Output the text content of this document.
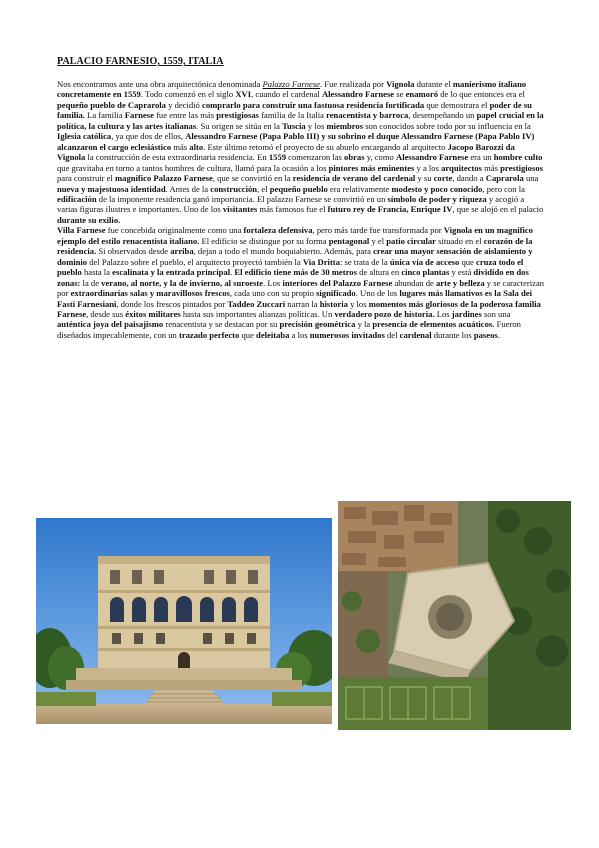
PALACIO FARNESIO, 1559, ITALIA

Nos encontramos ante una obra arquitectónica denominada Palazzo Farnese. Fue realizada por Vignola durante el manierismo italiano concretamente en 1559. Todo comenzó en el siglo XVI, cuando el cardenal Alessandro Farnese se enamoró de lo que entonces era el pequeño pueblo de Caprarola y decidió comprarlo para construir una fastuosa residencia fortificada que demostrara el poder de su familia. La familia Farnese fue entre las más prestigiosas familia de la Italia renacentista y barroca, desempeñando un papel crucial en la política, la cultura y las artes italianas. Su origen se sitúa en la Tuscia y los miembros son conocidos sobre todo por su influencia en la Iglesia católica, ya que dos de ellos, Alessandro Farnese (Papa Pablo III) y su sobrino el duque Alessandro Farnese (Papa Pablo IV) alcanzaron el cargo eclesiástico más alto. Este último retomó el proyecto de su abuelo encargando al arquitecto Jacopo Barozzi da Vignola la construcción de esta extraordinaria residencia. En 1559 comenzaron las obras y, como Alessandro Farnese era un hombre culto que gravitaba en torno a tantos hombres de cultura, llamó para la ocasión a los pintores más eminentes y a los arquitectos más prestigiosos para construir el magnífico Palazzo Farnese, que se convirtió en la residencia de verano del cardenal y su corte, dando a Caprarola una nueva y majestuosa identidad. Antes de la construcción, el pequeño pueblo era relativamente modesto y poco conocido, pero con la edificación de la imponente residencia ganó importancia. El palazzo Farnese se convirtió en un símbolo de poder y riqueza y acogió a varias figuras ilustres e importantes. Uno de los visitantes más famosos fue el futuro rey de Francia, Enrique IV, que se alojó en el palacio durante su exilio.

Villa Farnese fue concebida originalmente como una fortaleza defensiva, pero más tarde fue transformada por Vignola en un magnífico ejemplo del estilo renacentista italiano. El edificio se distingue por su forma pentagonal y el patio circular situado en el corazón de la residencia. Si observados desde arriba, dejan a todo el mundo boquiabierto. Además, para crear una mayor sensación de aislamiento y dominio del Palazzo sobre el pueblo, el arquitecto proyectó también la Via Dritta: se trata de la única vía de acceso que cruza todo el pueblo hasta la escalinata y la entrada principal. El edificio tiene más de 30 metros de altura en cinco plantas y está dividido en dos zonas: la de verano, al norte, y la de invierno, al suroeste. Los interiores del Palazzo Farnese abundan de arte y belleza y se caracterizan por extraordinarias salas y maravillosos frescos, cada uno con su propio significado. Uno de los lugares más llamativos es la Sala dei Fasti Farnesiani, donde los frescos pintados por Taddeo Zuccari narran la historia y los momentos más gloriosos de la poderosa familia Farnese, desde sus éxitos militares hasta sus importantes alianzas políticas. Un verdadero pozo de historia. Los jardines son una auténtica joya del paisajismo renacentista y se destacan por su precisión geométrica y la presencia de elementos acuáticos. Fueron diseñados impecablemente, con un trazado perfecto que deleitaba a los numerosos invitados del cardenal durante los paseos.
